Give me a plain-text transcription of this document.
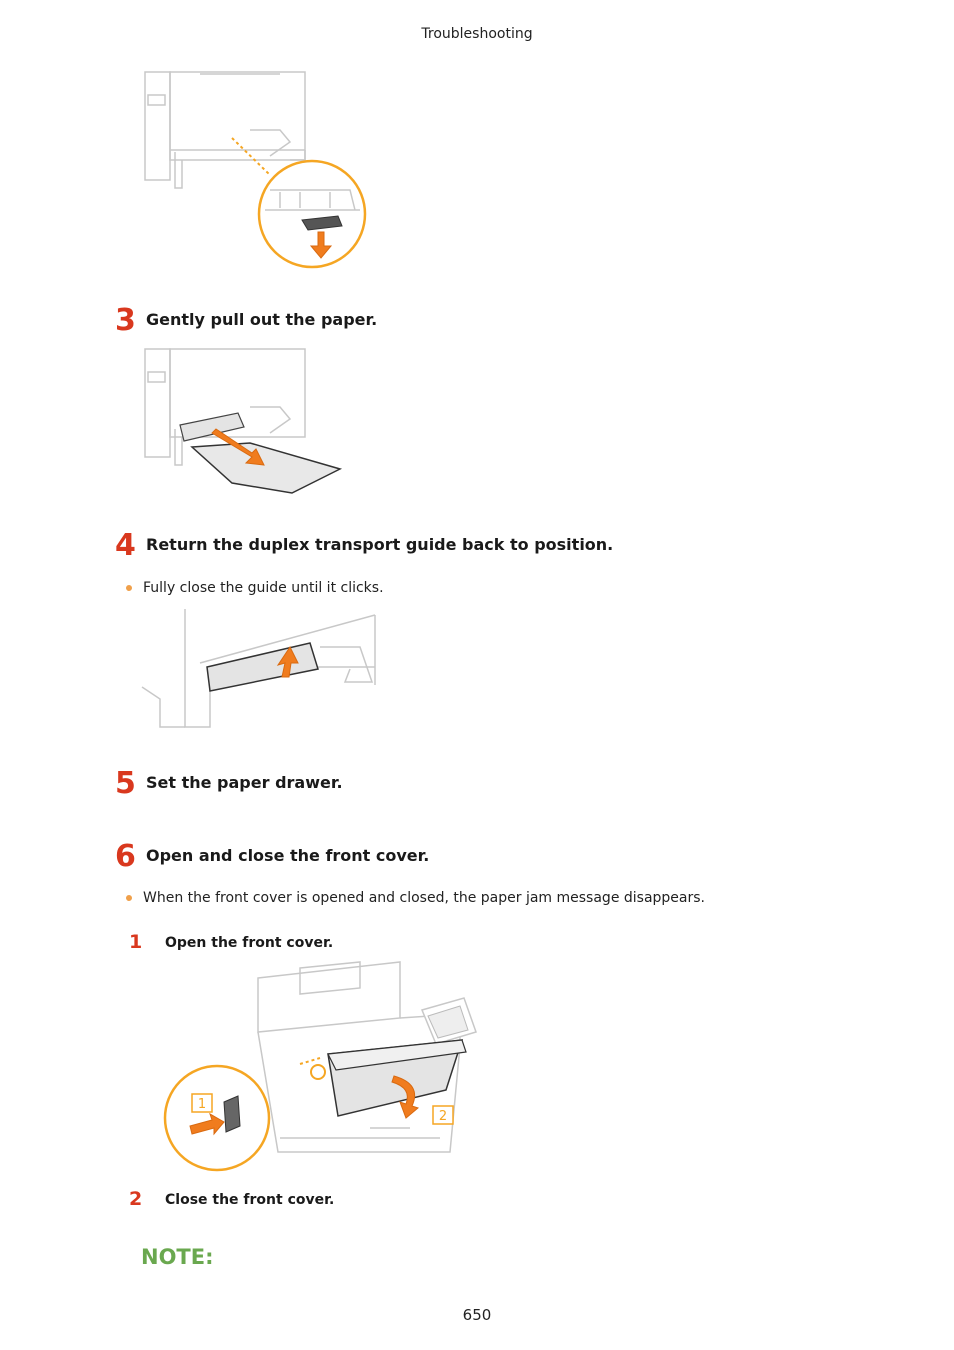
Troubleshooting
3 Gently pull out the paper.
4 Return the duplex transport guide back to position.
Fully close the guide until it clicks.
5 Set the paper drawer.
6 Open and close the front cover.
When the front cover is opened and closed, the paper jam message disappears.
1 Open the front cover.
1
2
2 Close the front cover.
NOTE:
650
